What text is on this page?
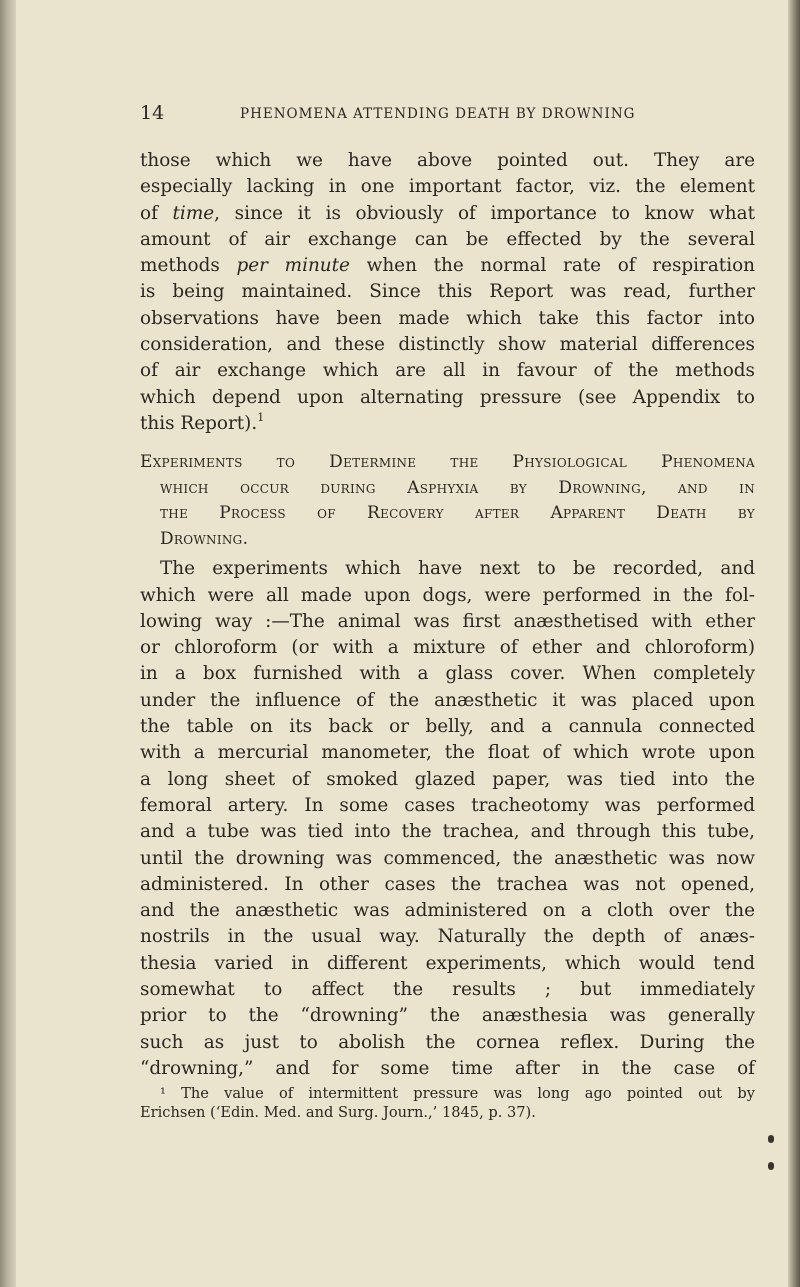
14	PHENOMENA ATTENDING DEATH BY DROWNING
those which we have above pointed out. They are
especially lacking in one important factor, viz. the element
of time, since it is obviously of importance to know what
amount of air exchange can be effected by the several
methods per minute when the normal rate of respiration
is being maintained. Since this Report was read, further
observations have been made which take this factor into
consideration, and these distinctly show material differences
of air exchange which are all in favour of the methods
which depend upon alternating pressure (see Appendix to
this Report).$^1$
Experiments to Determine the Physiological Phenomena
which occur during Asphyxia by Drowning, and in
the Process of Recovery after Apparent Death by
Drowning.
The experiments which have next to be recorded, and
which were all made upon dogs, were performed in the fol-
lowing way :—The animal was first anæsthetised with ether
or chloroform (or with a mixture of ether and chloroform)
in a box furnished with a glass cover. When completely
under the influence of the anæsthetic it was placed upon
the table on its back or belly, and a cannula connected
with a mercurial manometer, the float of which wrote upon
a long sheet of smoked glazed paper, was tied into the
femoral artery. In some cases tracheotomy was performed
and a tube was tied into the trachea, and through this tube,
until the drowning was commenced, the anæsthetic was now
administered. In other cases the trachea was not opened,
and the anæsthetic was administered on a cloth over the
nostrils in the usual way. Naturally the depth of anæs-
thesia varied in different experiments, which would tend
somewhat to affect the results ; but immediately
prior to the “drowning” the anæsthesia was generally
such as just to abolish the cornea reflex. During the
“drowning,” and for some time after in the case of
¹ The value of intermittent pressure was long ago pointed out by
Erichsen (‘Edin. Med. and Surg. Journ.,’ 1845, p. 37).
